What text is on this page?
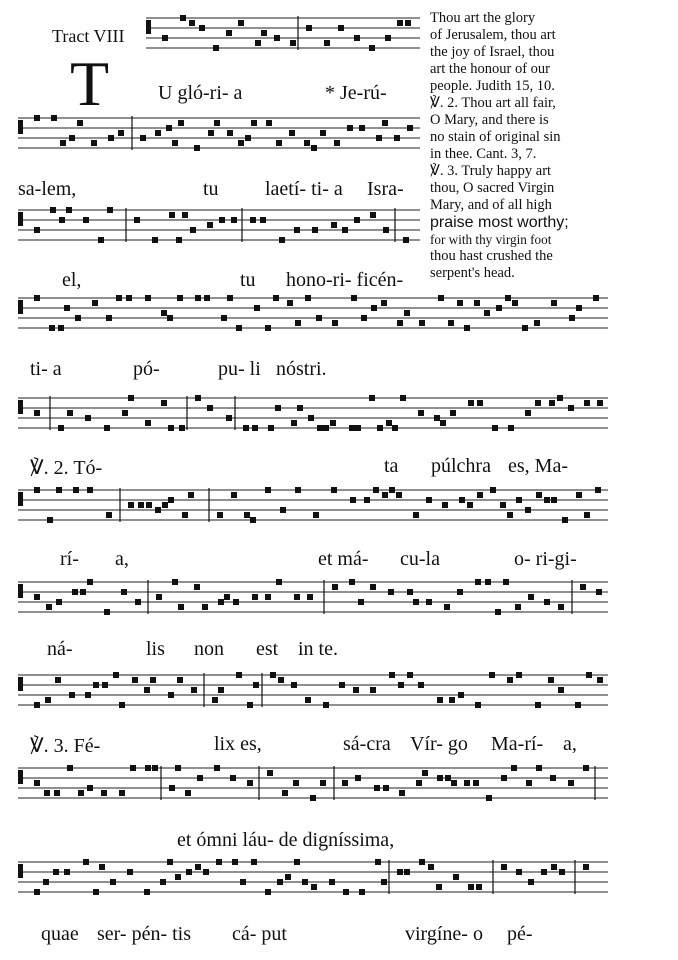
Tract VIII
T
Thou art the glory
of Jerusalem, thou art
the joy of Israel, thou
art the honour of our
people. Judith 15, 10.
℣. 2. Thou art all fair,
O Mary, and there is
no stain of original sin
in thee. Cant. 3, 7.
℣. 3. Truly happy art
thou, O sacred Virgin
Mary, and of all high
praise most worthy;
for with thy virgin foot
thou hast crushed the
serpent's head.
U gló-ri- a	* Je-rú-
sa-lem,	tu laetí- ti- a Isra-
el,	tu hono-ri- ficén-
ti- a	pó-	pu- li nóstri.
℣. 2. Tó-	ta púlchra es, Ma-
rí- a,	et má- cu-la	o- ri-gi-
ná-	lis non est in te.
℣. 3. Fé-	lix es,	sá-cra Vír- go Ma-rí- a,
et ómni láu- de digníssima,
quae ser- pén- tis cá- put	virgíne- o pé-
